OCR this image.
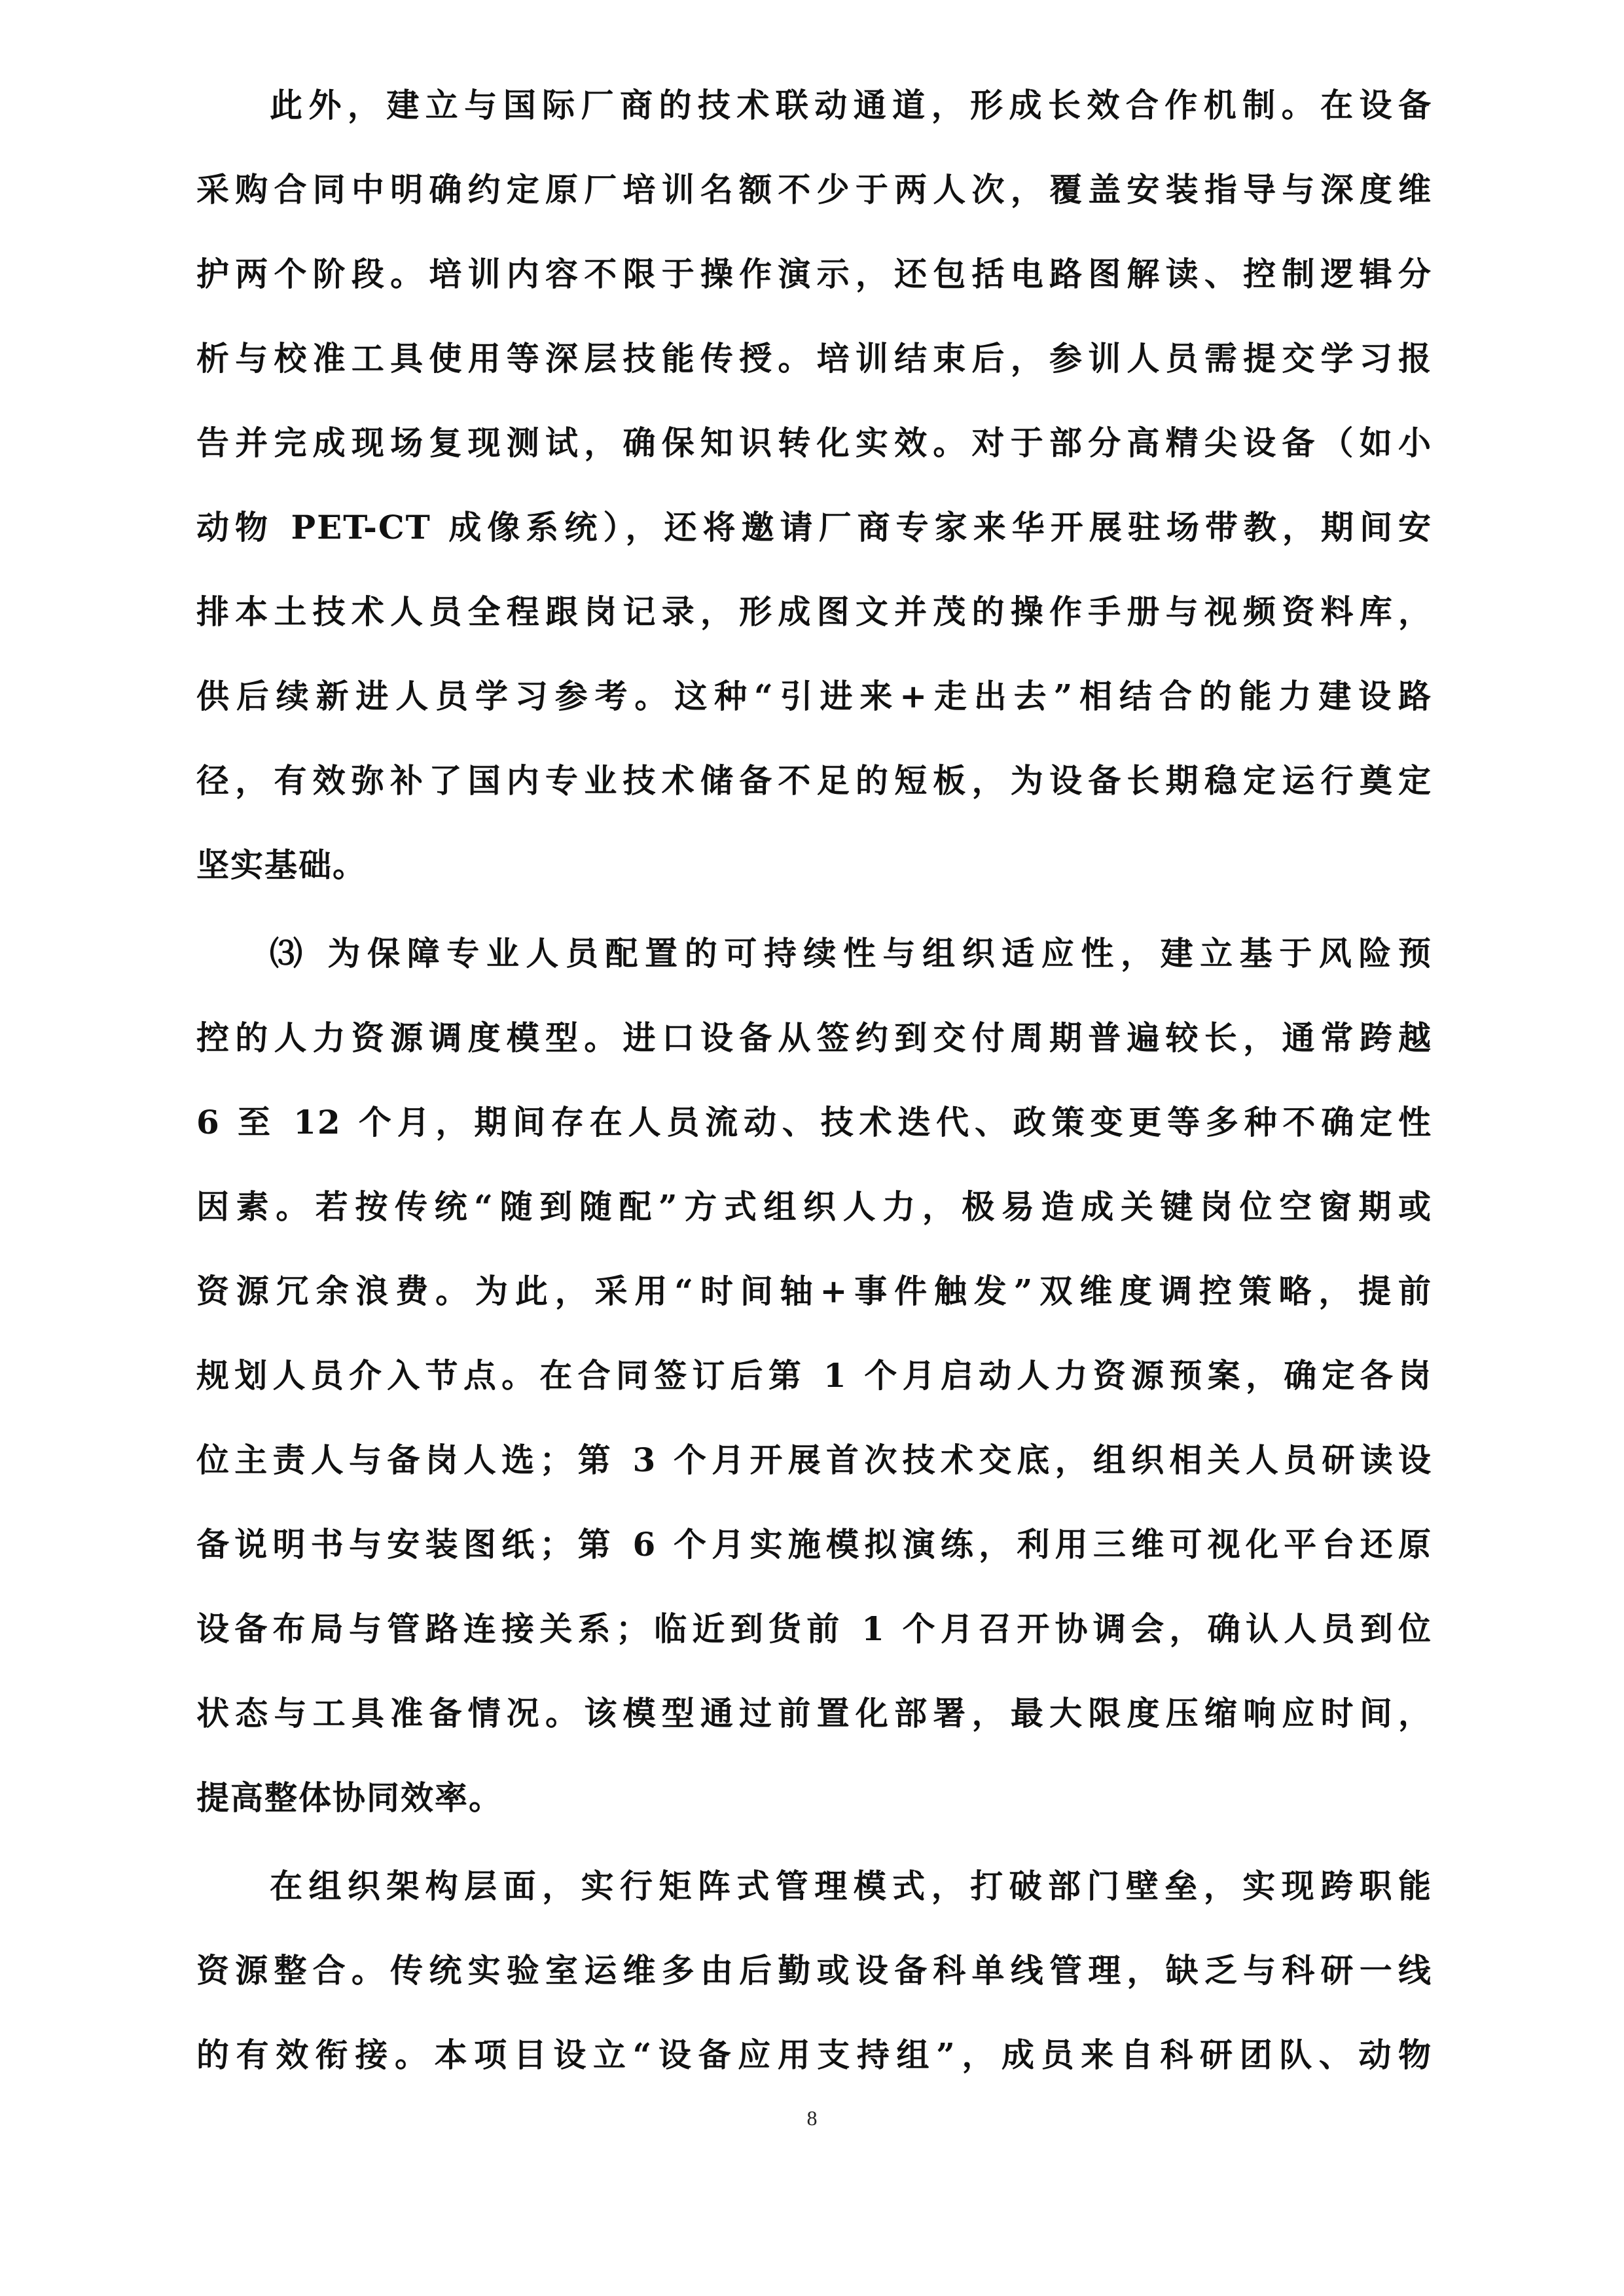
此外，建立与国际厂商的技术联动通道，形成长效合作机制。在设备
采购合同中明确约定原厂培训名额不少于两人次，覆盖安装指导与深度维
护两个阶段。培训内容不限于操作演示，还包括电路图解读、控制逻辑分
析与校准工具使用等深层技能传授。培训结束后，参训人员需提交学习报
告并完成现场复现测试，确保知识转化实效。对于部分高精尖设备（如小
动物 PET-CT 成像系统），还将邀请厂商专家来华开展驻场带教，期间安
排本土技术人员全程跟岗记录，形成图文并茂的操作手册与视频资料库，
供后续新进人员学习参考。这种“引进来+走出去”相结合的能力建设路
径，有效弥补了国内专业技术储备不足的短板，为设备长期稳定运行奠定
坚实基础。
⑶ 为保障专业人员配置的可持续性与组织适应性，建立基于风险预
控的人力资源调度模型。进口设备从签约到交付周期普遍较长，通常跨越
6 至 12 个月，期间存在人员流动、技术迭代、政策变更等多种不确定性
因素。若按传统“随到随配”方式组织人力，极易造成关键岗位空窗期或
资源冗余浪费。为此，采用“时间轴+事件触发”双维度调控策略，提前
规划人员介入节点。在合同签订后第 1 个月启动人力资源预案，确定各岗
位主责人与备岗人选；第 3 个月开展首次技术交底，组织相关人员研读设
备说明书与安装图纸；第 6 个月实施模拟演练，利用三维可视化平台还原
设备布局与管路连接关系；临近到货前 1 个月召开协调会，确认人员到位
状态与工具准备情况。该模型通过前置化部署，最大限度压缩响应时间，
提高整体协同效率。
在组织架构层面，实行矩阵式管理模式，打破部门壁垒，实现跨职能
资源整合。传统实验室运维多由后勤或设备科单线管理，缺乏与科研一线
的有效衔接。本项目设立“设备应用支持组”，成员来自科研团队、动物
8
